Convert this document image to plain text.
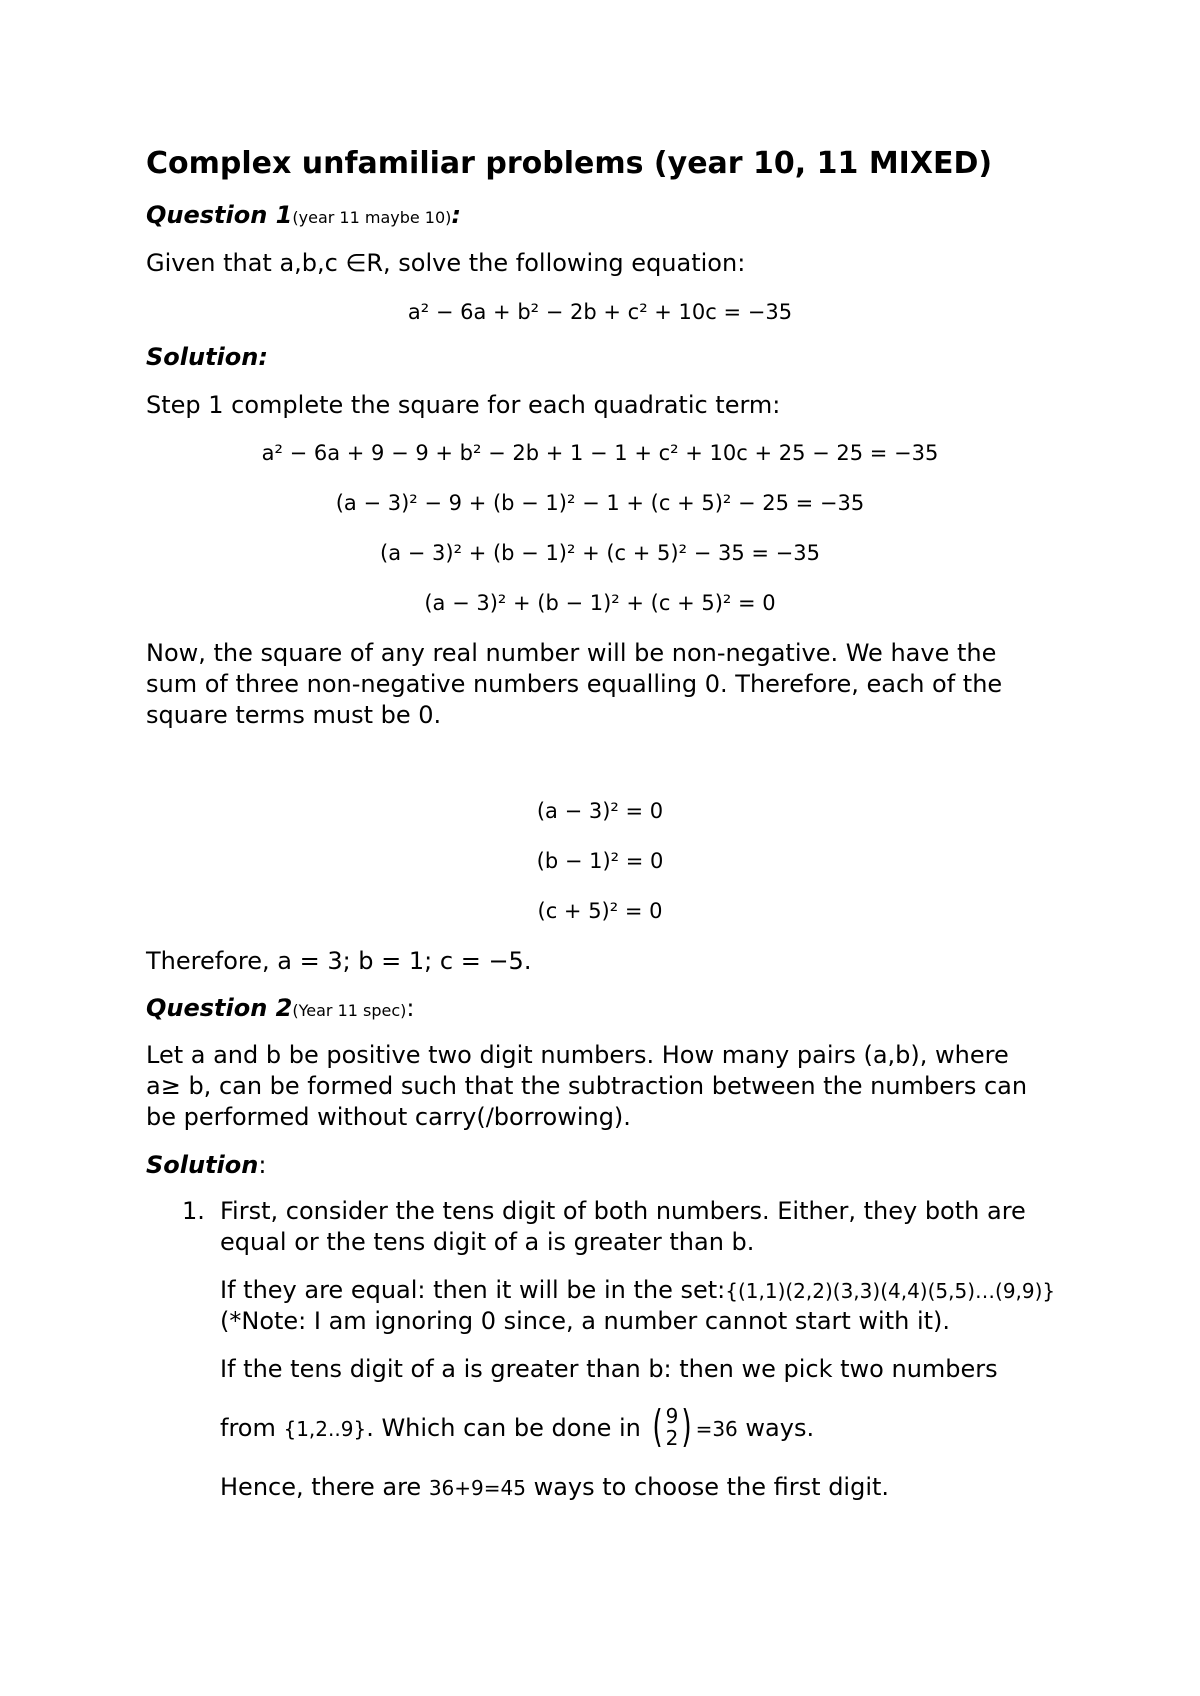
Complex unfamiliar problems (year 10, 11 MIXED)
Question 1(year 11 maybe 10):
Given that a,b,c ∈R, solve the following equation:
a² − 6a + b² − 2b + c² + 10c = −35
Solution:
Step 1 complete the square for each quadratic term:
a² − 6a + 9 − 9 + b² − 2b + 1 − 1 + c² + 10c + 25 − 25 = −35
(a − 3)² − 9 + (b − 1)² − 1 + (c + 5)² − 25 = −35
(a − 3)² + (b − 1)² + (c + 5)² − 35 = −35
(a − 3)² + (b − 1)² + (c + 5)² = 0
Now, the square of any real number will be non-negative. We have the
sum of three non-negative numbers equalling 0. Therefore, each of the
square terms must be 0.
(a − 3)² = 0
(b − 1)² = 0
(c + 5)² = 0
Therefore, a = 3; b = 1; c = −5.
Question 2(Year 11 spec):
Let a and b be positive two digit numbers. How many pairs (a,b), where
a≥ b, can be formed such that the subtraction between the numbers can
be performed without carry(/borrowing).
Solution:
1. First, consider the tens digit of both numbers. Either, they both are
equal or the tens digit of a is greater than b.
If they are equal: then it will be in the set:{(1,1)(2,2)(3,3)(4,4)(5,5)…(9,9)}
(*Note: I am ignoring 0 since, a number cannot start with it).
If the tens digit of a is greater than b: then we pick two numbers
from {1,2..9}. Which can be done in ( 9
2) =36 ways.
Hence, there are 36+9=45 ways to choose the first digit.
